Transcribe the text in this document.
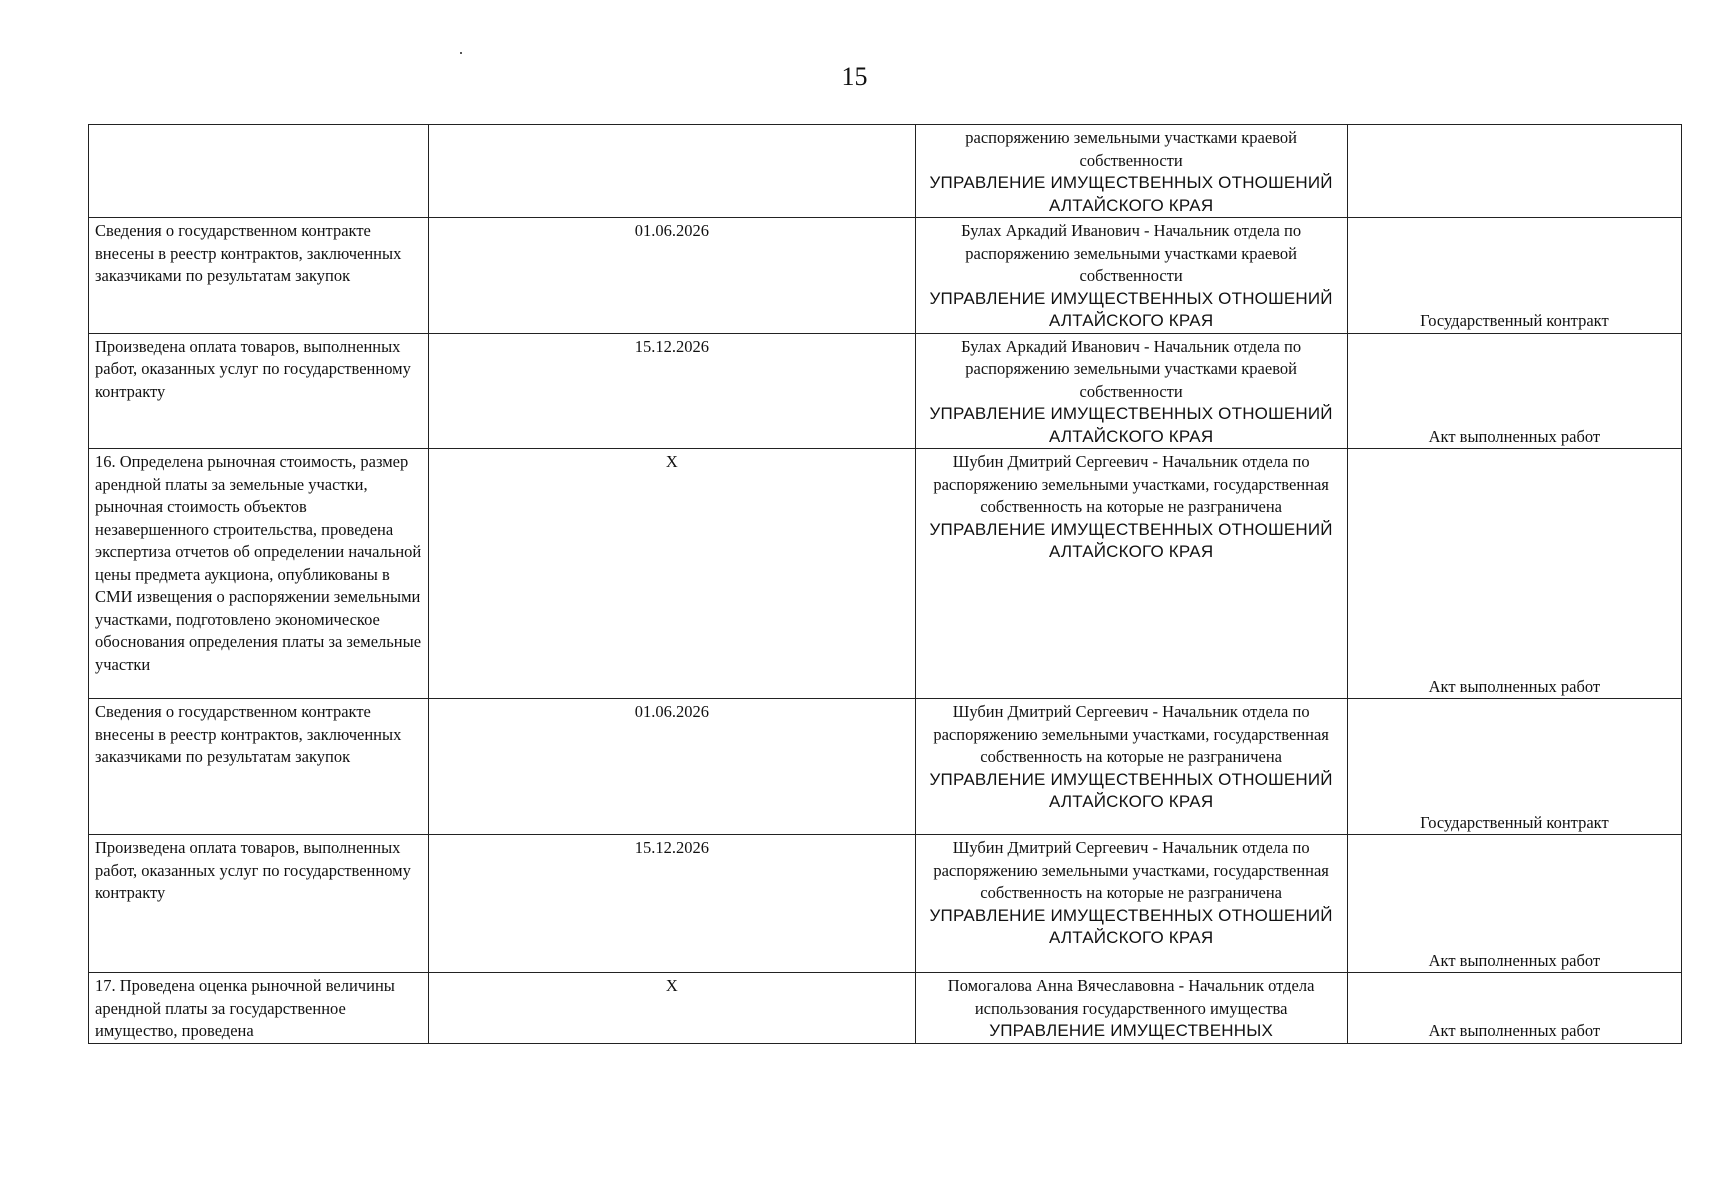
15

		распоряжению земельными участками краевой собственности
УПРАВЛЕНИЕ ИМУЩЕСТВЕННЫХ ОТНОШЕНИЙ АЛТАЙСКОГО КРАЯ	

Сведения о государственном контракте внесены в реестр контрактов, заключенных заказчиками по результатам закупок	01.06.2026	Булах Аркадий Иванович - Начальник отдела по распоряжению земельными участками краевой собственности
УПРАВЛЕНИЕ ИМУЩЕСТВЕННЫХ ОТНОШЕНИЙ АЛТАЙСКОГО КРАЯ	Государственный контракт
Произведена оплата товаров, выполненных работ, оказанных услуг по государственному контракту	15.12.2026	Булах Аркадий Иванович - Начальник отдела по распоряжению земельными участками краевой собственности
УПРАВЛЕНИЕ ИМУЩЕСТВЕННЫХ ОТНОШЕНИЙ АЛТАЙСКОГО КРАЯ	Акт выполненных работ
16. Определена рыночная стоимость, размер арендной платы за земельные участки, рыночная стоимость объектов незавершенного строительства, проведена экспертиза отчетов об определении начальной цены предмета аукциона, опубликованы в СМИ извещения о распоряжении земельными участками, подготовлено экономическое обоснования определения платы за земельные участки	X	Шубин Дмитрий Сергеевич - Начальник отдела по распоряжению земельными участками, государственная собственность на которые не разграничена
УПРАВЛЕНИЕ ИМУЩЕСТВЕННЫХ ОТНОШЕНИЙ АЛТАЙСКОГО КРАЯ	Акт выполненных работ
Сведения о государственном контракте внесены в реестр контрактов, заключенных заказчиками по результатам закупок	01.06.2026	Шубин Дмитрий Сергеевич - Начальник отдела по распоряжению земельными участками, государственная собственность на которые не разграничена
УПРАВЛЕНИЕ ИМУЩЕСТВЕННЫХ ОТНОШЕНИЙ АЛТАЙСКОГО КРАЯ	Государственный контракт
Произведена оплата товаров, выполненных работ, оказанных услуг по государственному контракту	15.12.2026	Шубин Дмитрий Сергеевич - Начальник отдела по распоряжению земельными участками, государственная собственность на которые не разграничена
УПРАВЛЕНИЕ ИМУЩЕСТВЕННЫХ ОТНОШЕНИЙ АЛТАЙСКОГО КРАЯ	Акт выполненных работ
17. Проведена оценка рыночной величины арендной платы за государственное имущество, проведена	X	Помогалова Анна Вячеславовна - Начальник отдела использования государственного имущества
УПРАВЛЕНИЕ ИМУЩЕСТВЕННЫХ	Акт выполненных работ
